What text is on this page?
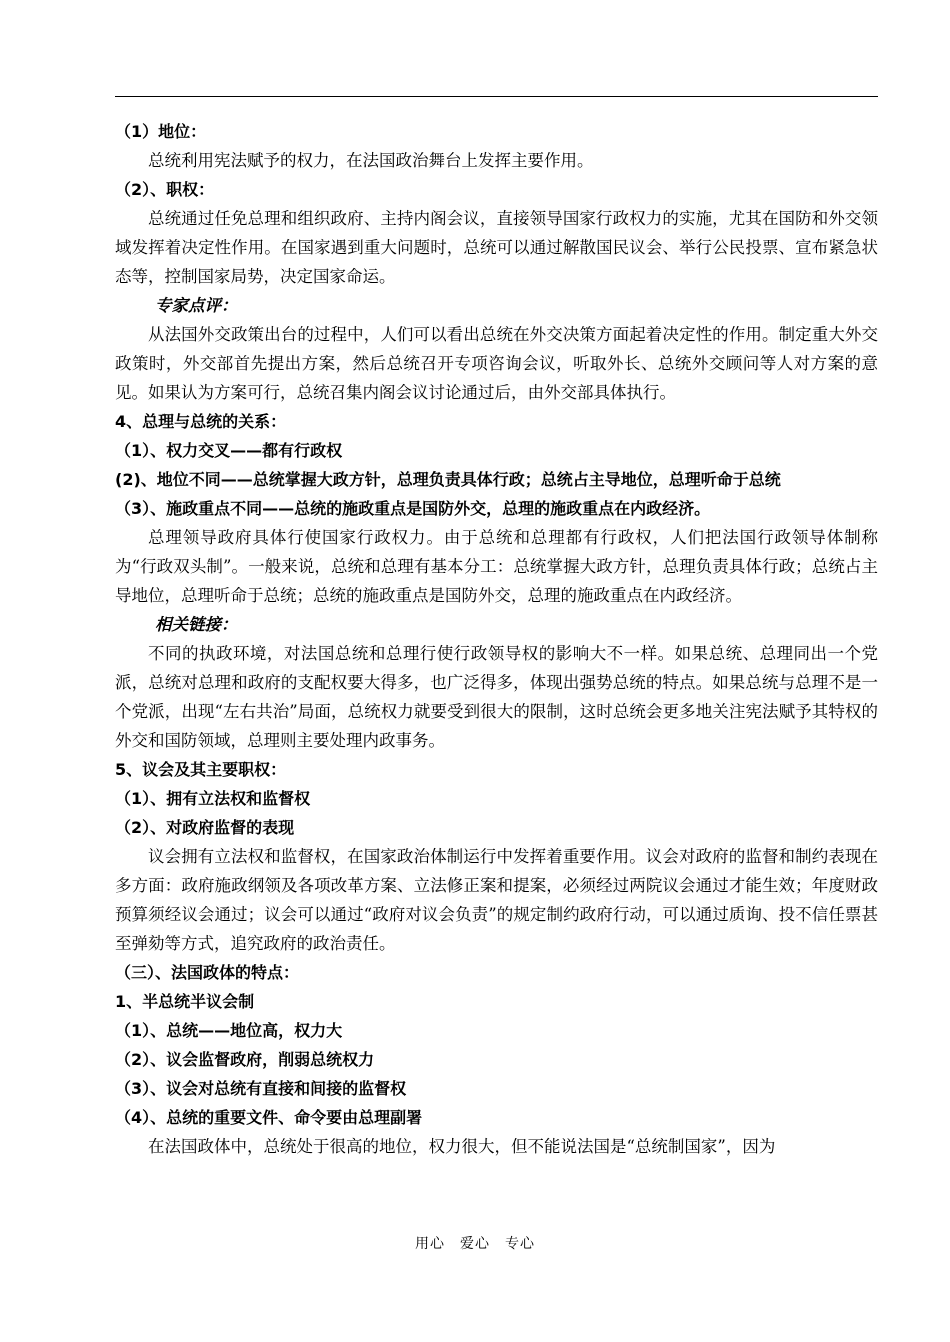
（1）地位：

总统利用宪法赋予的权力，在法国政治舞台上发挥主要作用。

（2）、职权：

总统通过任免总理和组织政府、主持内阁会议，直接领导国家行政权力的实施，尤其在国防和外交领域发挥着决定性作用。在国家遇到重大问题时，总统可以通过解散国民议会、举行公民投票、宣布紧急状态等，控制国家局势，决定国家命运。

专家点评：

从法国外交政策出台的过程中，人们可以看出总统在外交决策方面起着决定性的作用。制定重大外交政策时，外交部首先提出方案，然后总统召开专项咨询会议，听取外长、总统外交顾问等人对方案的意见。如果认为方案可行，总统召集内阁会议讨论通过后，由外交部具体执行。

4、总理与总统的关系：
（1）、权力交叉——都有行政权

(2)、地位不同——总统掌握大政方针，总理负责具体行政；总统占主导地位，总理听命于总统

（3）、施政重点不同——总统的施政重点是国防外交，总理的施政重点在内政经济。

总理领导政府具体行使国家行政权力。由于总统和总理都有行政权，人们把法国行政领导体制称为“行政双头制”。一般来说，总统和总理有基本分工：总统掌握大政方针，总理负责具体行政；总统占主导地位，总理听命于总统；总统的施政重点是国防外交，总理的施政重点在内政经济。

相关链接：

不同的执政环境，对法国总统和总理行使行政领导权的影响大不一样。如果总统、总理同出一个党派，总统对总理和政府的支配权要大得多，也广泛得多，体现出强势总统的特点。如果总统与总理不是一个党派，出现“左右共治”局面，总统权力就要受到很大的限制，这时总统会更多地关注宪法赋予其特权的外交和国防领域，总理则主要处理内政事务。

5、议会及其主要职权：
（1）、拥有立法权和监督权
（2）、对政府监督的表现

议会拥有立法权和监督权，在国家政治体制运行中发挥着重要作用。议会对政府的监督和制约表现在多方面：政府施政纲领及各项改革方案、立法修正案和提案，必须经过两院议会通过才能生效；年度财政预算须经议会通过；议会可以通过“政府对议会负责”的规定制约政府行动，可以通过质询、投不信任票甚至弹劾等方式，追究政府的政治责任。

（三）、法国政体的特点：
1、半总统半议会制
（1）、总统——地位高，权力大
（2）、议会监督政府，削弱总统权力
（3）、议会对总统有直接和间接的监督权
（4）、总统的重要文件、命令要由总理副署

在法国政体中，总统处于很高的地位，权力很大，但不能说法国是“总统制国家”，因为

用心　爱心　专心
